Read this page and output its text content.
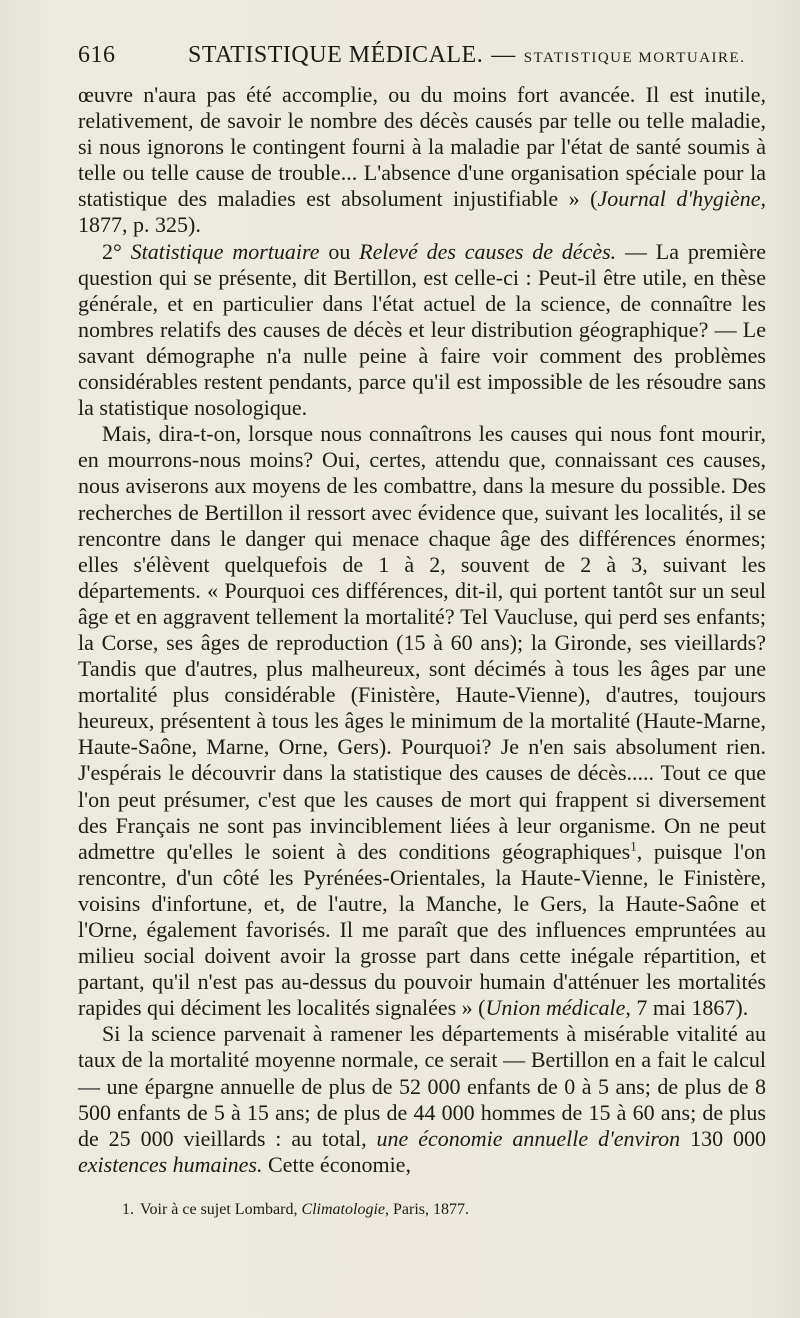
616	STATISTIQUE MÉDICALE. — STATISTIQUE MORTUAIRE.

œuvre n'aura pas été accomplie, ou du moins fort avancée. Il est inutile, relativement, de savoir le nombre des décès causés par telle ou telle maladie, si nous ignorons le contingent fourni à la maladie par l'état de santé soumis à telle ou telle cause de trouble... L'absence d'une organisation spéciale pour la statistique des maladies est absolument injustifiable » (Journal d'hygiène, 1877, p. 325).

2° Statistique mortuaire ou Relevé des causes de décès. — La première question qui se présente, dit Bertillon, est celle-ci : Peut-il être utile, en thèse générale, et en particulier dans l'état actuel de la science, de connaître les nombres relatifs des causes de décès et leur distribution géographique? — Le savant démographe n'a nulle peine à faire voir comment des problèmes considérables restent pendants, parce qu'il est impossible de les résoudre sans la statistique nosologique.

Mais, dira-t-on, lorsque nous connaîtrons les causes qui nous font mourir, en mourrons-nous moins? Oui, certes, attendu que, connaissant ces causes, nous aviserons aux moyens de les combattre, dans la mesure du possible. Des recherches de Bertillon il ressort avec évidence que, suivant les localités, il se rencontre dans le danger qui menace chaque âge des différences énormes; elles s'élèvent quelquefois de 1 à 2, souvent de 2 à 3, suivant les départements. « Pourquoi ces différences, dit-il, qui portent tantôt sur un seul âge et en aggravent tellement la mortalité? Tel Vaucluse, qui perd ses enfants; la Corse, ses âges de reproduction (15 à 60 ans); la Gironde, ses vieillards? Tandis que d'autres, plus malheureux, sont décimés à tous les âges par une mortalité plus considérable (Finistère, Haute-Vienne), d'autres, toujours heureux, présentent à tous les âges le minimum de la mortalité (Haute-Marne, Haute-Saône, Marne, Orne, Gers). Pourquoi? Je n'en sais absolument rien. J'espérais le découvrir dans la statistique des causes de décès..... Tout ce que l'on peut présumer, c'est que les causes de mort qui frappent si diversement des Français ne sont pas invinciblement liées à leur organisme. On ne peut admettre qu'elles le soient à des conditions géographiques$^1$, puisque l'on rencontre, d'un côté les Pyrénées-Orientales, la Haute-Vienne, le Finistère, voisins d'infortune, et, de l'autre, la Manche, le Gers, la Haute-Saône et l'Orne, également favorisés. Il me paraît que des influences empruntées au milieu social doivent avoir la grosse part dans cette inégale répartition, et partant, qu'il n'est pas au-dessus du pouvoir humain d'atténuer les mortalités rapides qui déciment les localités signalées » (Union médicale, 7 mai 1867).

Si la science parvenait à ramener les départements à misérable vitalité au taux de la mortalité moyenne normale, ce serait — Bertillon en a fait le calcul — une épargne annuelle de plus de 52 000 enfants de 0 à 5 ans; de plus de 8 500 enfants de 5 à 15 ans; de plus de 44 000 hommes de 15 à 60 ans; de plus de 25 000 vieillards : au total, une économie annuelle d'environ 130 000 existences humaines. Cette économie,

1. Voir à ce sujet Lombard, Climatologie, Paris, 1877.
